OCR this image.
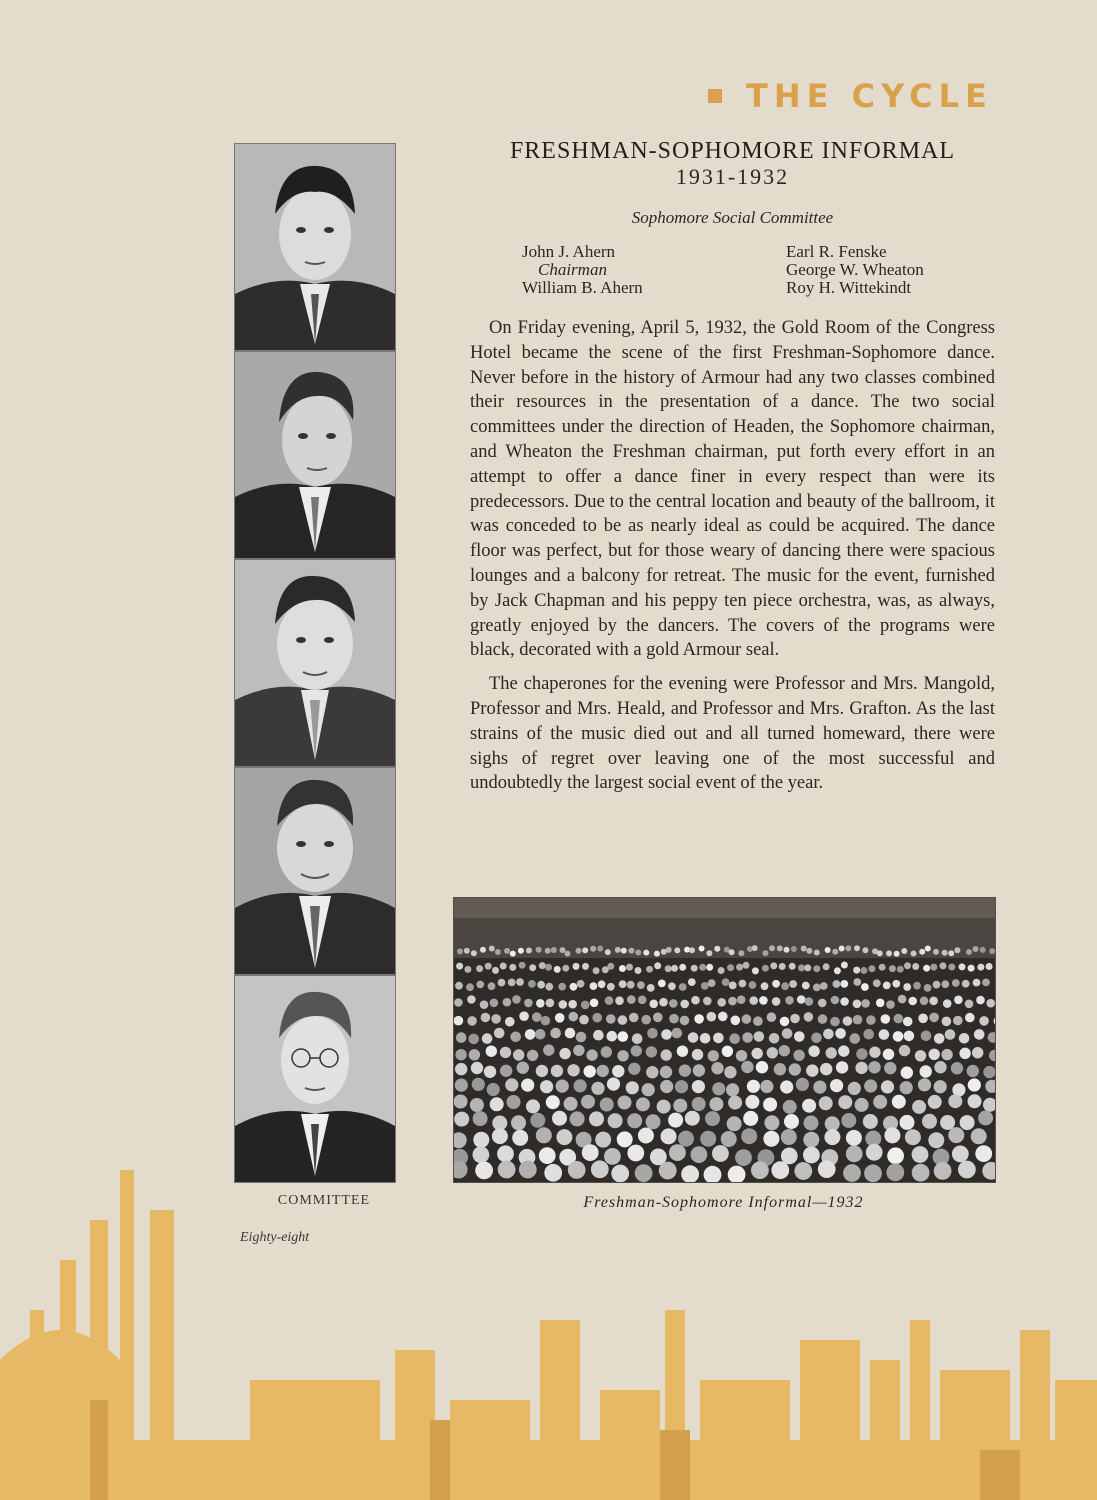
THE CYCLE
COMMITTEE
Eighty-eight
FRESHMAN-SOPHOMORE INFORMAL
1931-1932
Sophomore Social Committee
John J. Ahern
Chairman
William B. Ahern
Earl R. Fenske
George W. Wheaton
Roy H. Wittekindt

On Friday evening, April 5, 1932, the Gold Room of the Congress Hotel became the scene of the first Freshman-Sophomore dance. Never before in the history of Armour had any two classes combined their resources in the presentation of a dance. The two social committees under the direction of Headen, the Sophomore chairman, and Wheaton the Freshman chairman, put forth every effort in an attempt to offer a dance finer in every respect than were its predecessors. Due to the central location and beauty of the ballroom, it was conceded to be as nearly ideal as could be acquired. The dance floor was perfect, but for those weary of dancing there were spacious lounges and a balcony for retreat. The music for the event, furnished by Jack Chapman and his peppy ten piece orchestra, was, as always, greatly enjoyed by the dancers. The covers of the programs were black, decorated with a gold Armour seal.

The chaperones for the evening were Professor and Mrs. Mangold, Professor and Mrs. Heald, and Professor and Mrs. Grafton. As the last strains of the music died out and all turned homeward, there were sighs of regret over leaving one of the most successful and undoubtedly the largest social event of the year.

Freshman-Sophomore Informal—1932
